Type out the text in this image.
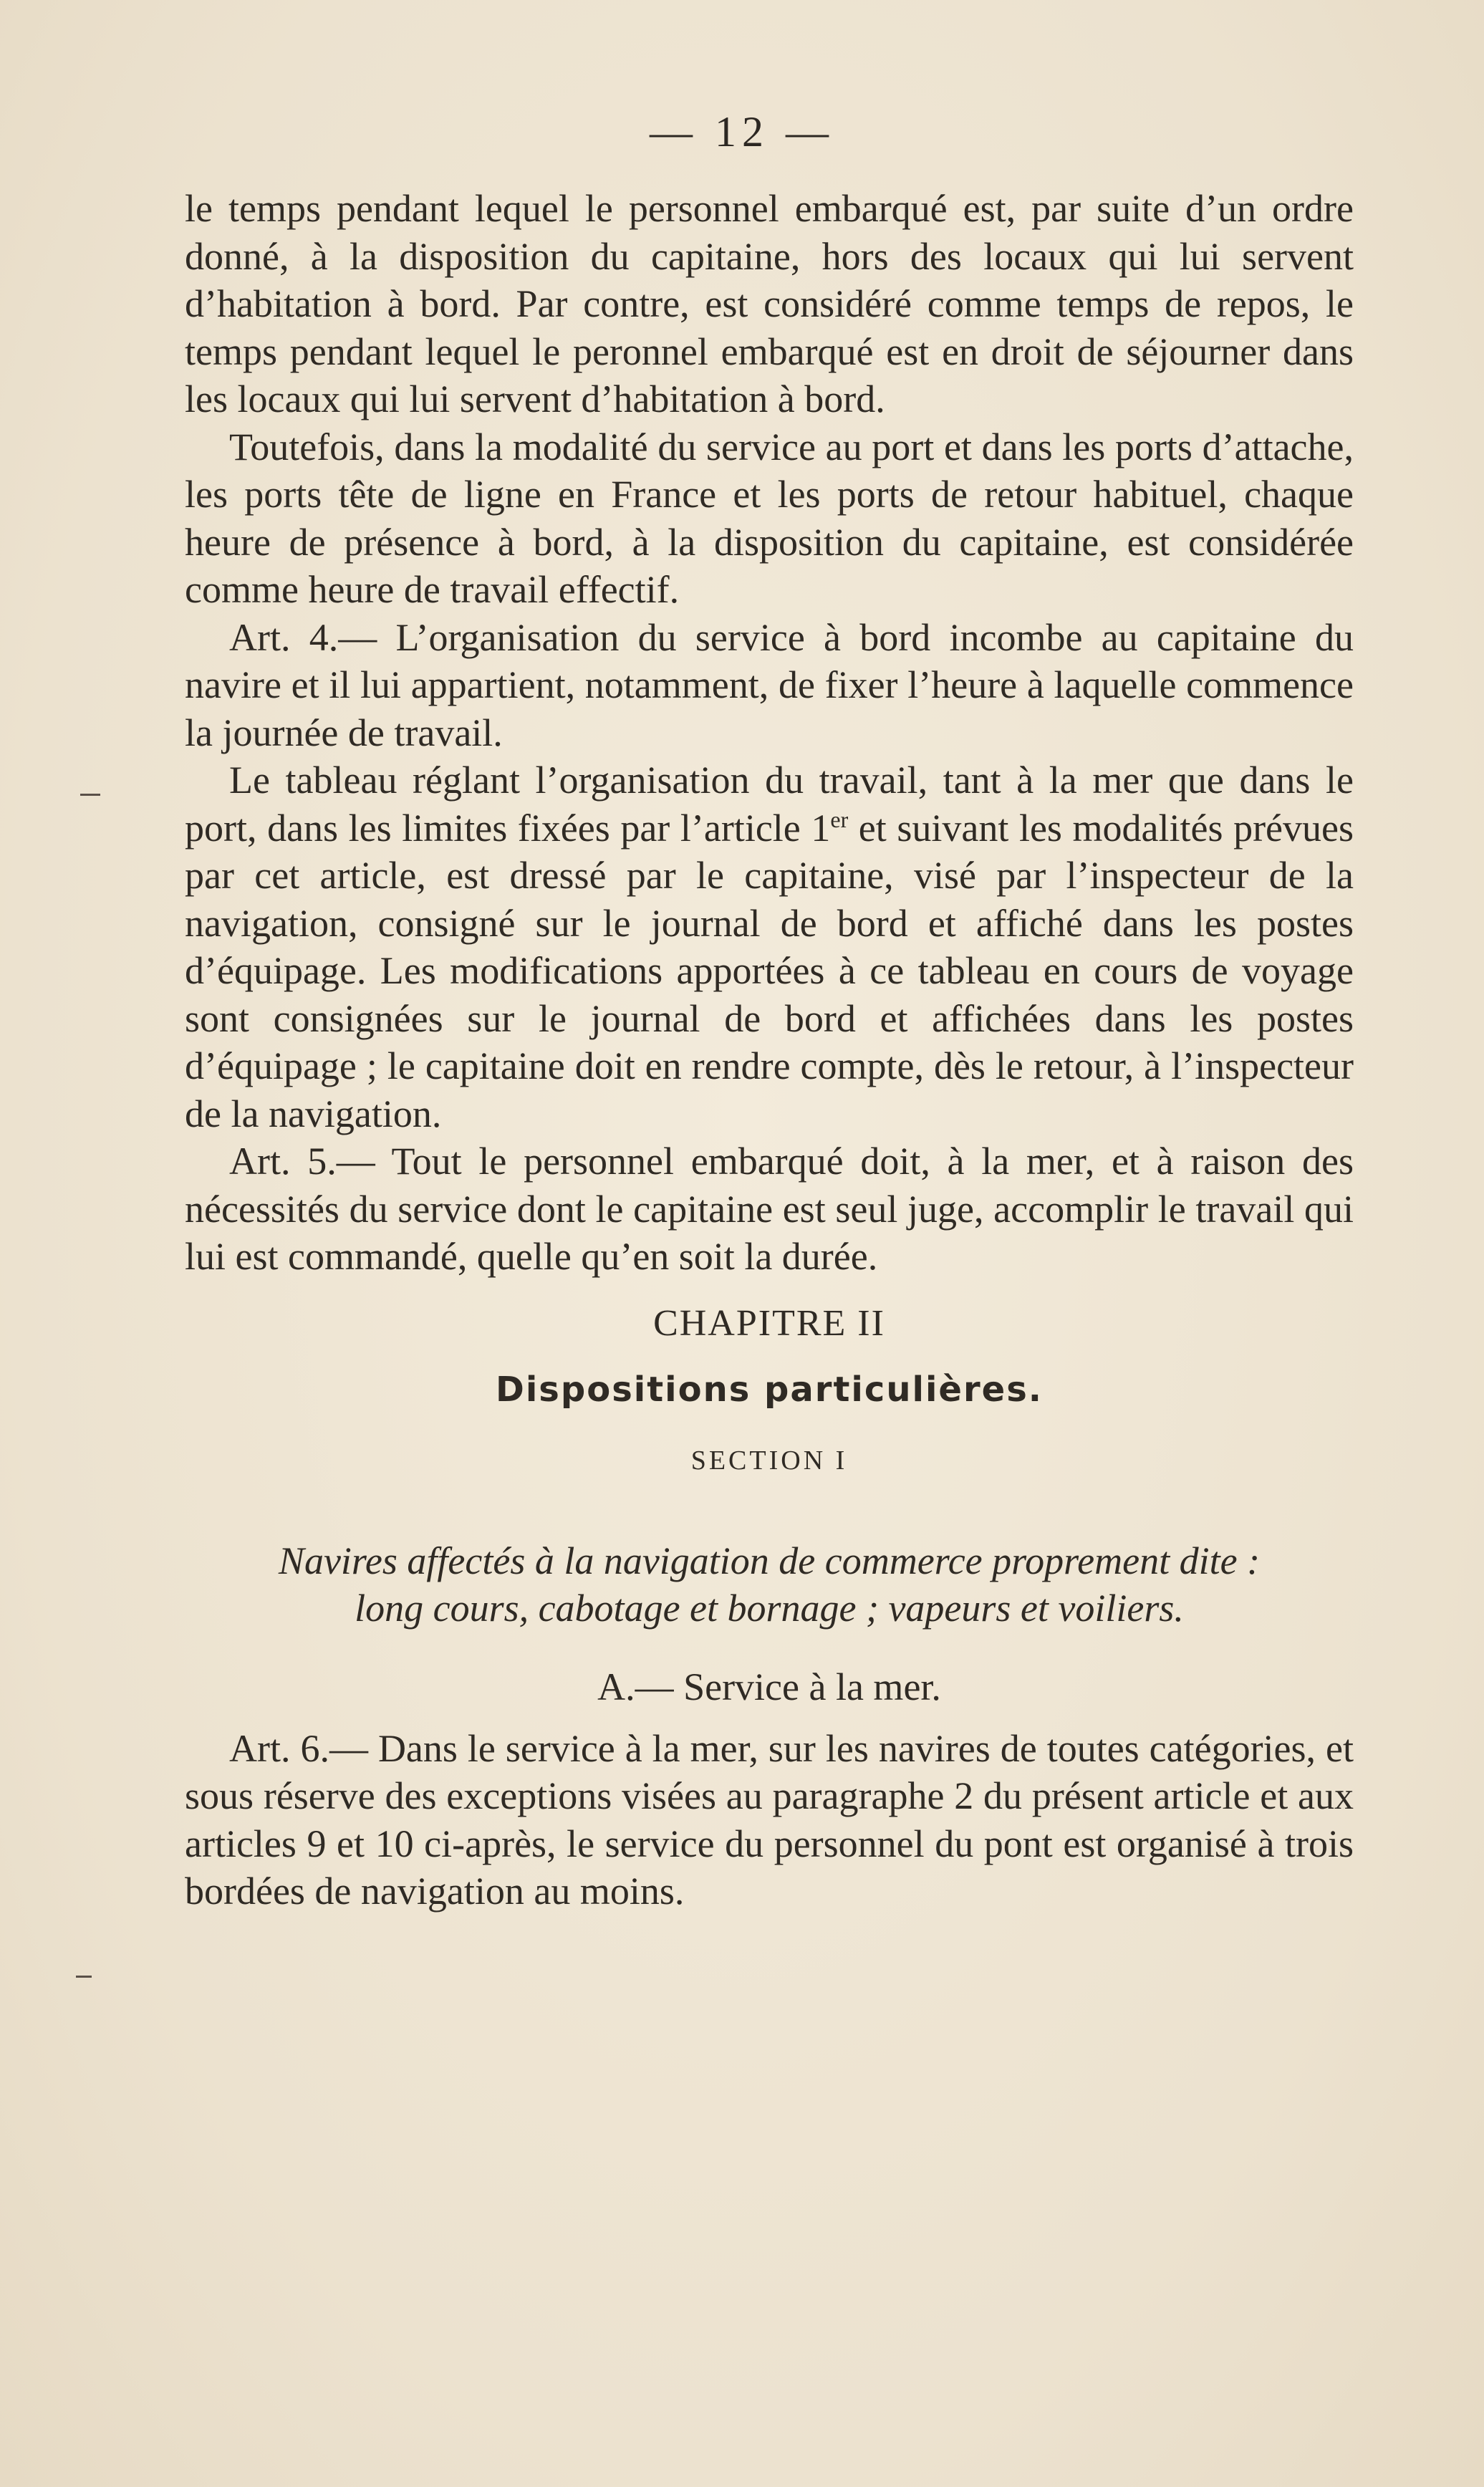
— 12 —

le temps pendant lequel le personnel embarqué est, par suite d’un ordre donné, à la disposition du capitaine, hors des locaux qui lui servent d’habitation à bord. Par contre, est considéré comme temps de repos, le temps pendant lequel le peronnel embarqué est en droit de séjourner dans les locaux qui lui servent d’habitation à bord.

Toutefois, dans la modalité du service au port et dans les ports d’attache, les ports tête de ligne en France et les ports de retour habituel, chaque heure de présence à bord, à la disposition du capitaine, est considérée comme heure de travail effectif.

Art. 4.— L’organisation du service à bord incombe au capitaine du navire et il lui appartient, notamment, de fixer l’heure à laquelle commence la journée de travail.

Le tableau réglant l’organisation du travail, tant à la mer que dans le port, dans les limites fixées par l’article 1er et suivant les modalités prévues par cet article, est dressé par le capitaine, visé par l’inspecteur de la navigation, consigné sur le journal de bord et affiché dans les postes d’équipage. Les modifications apportées à ce tableau en cours de voyage sont consignées sur le journal de bord et affichées dans les postes d’équipage ; le capitaine doit en rendre compte, dès le retour, à l’inspecteur de la navigation.

Art. 5.— Tout le personnel embarqué doit, à la mer, et à raison des nécessités du service dont le capitaine est seul juge, accomplir le travail qui lui est commandé, quelle qu’en soit la durée.

CHAPITRE II
Dispositions particulières.
SECTION I
Navires affectés à la navigation de commerce proprement dite :
long cours, cabotage et bornage ; vapeurs et voiliers.
A.— Service à la mer.

Art. 6.— Dans le service à la mer, sur les navires de toutes catégories, et sous réserve des exceptions visées au paragraphe 2 du présent article et aux articles 9 et 10 ci-après, le service du personnel du pont est organisé à trois bordées de navigation au moins.
